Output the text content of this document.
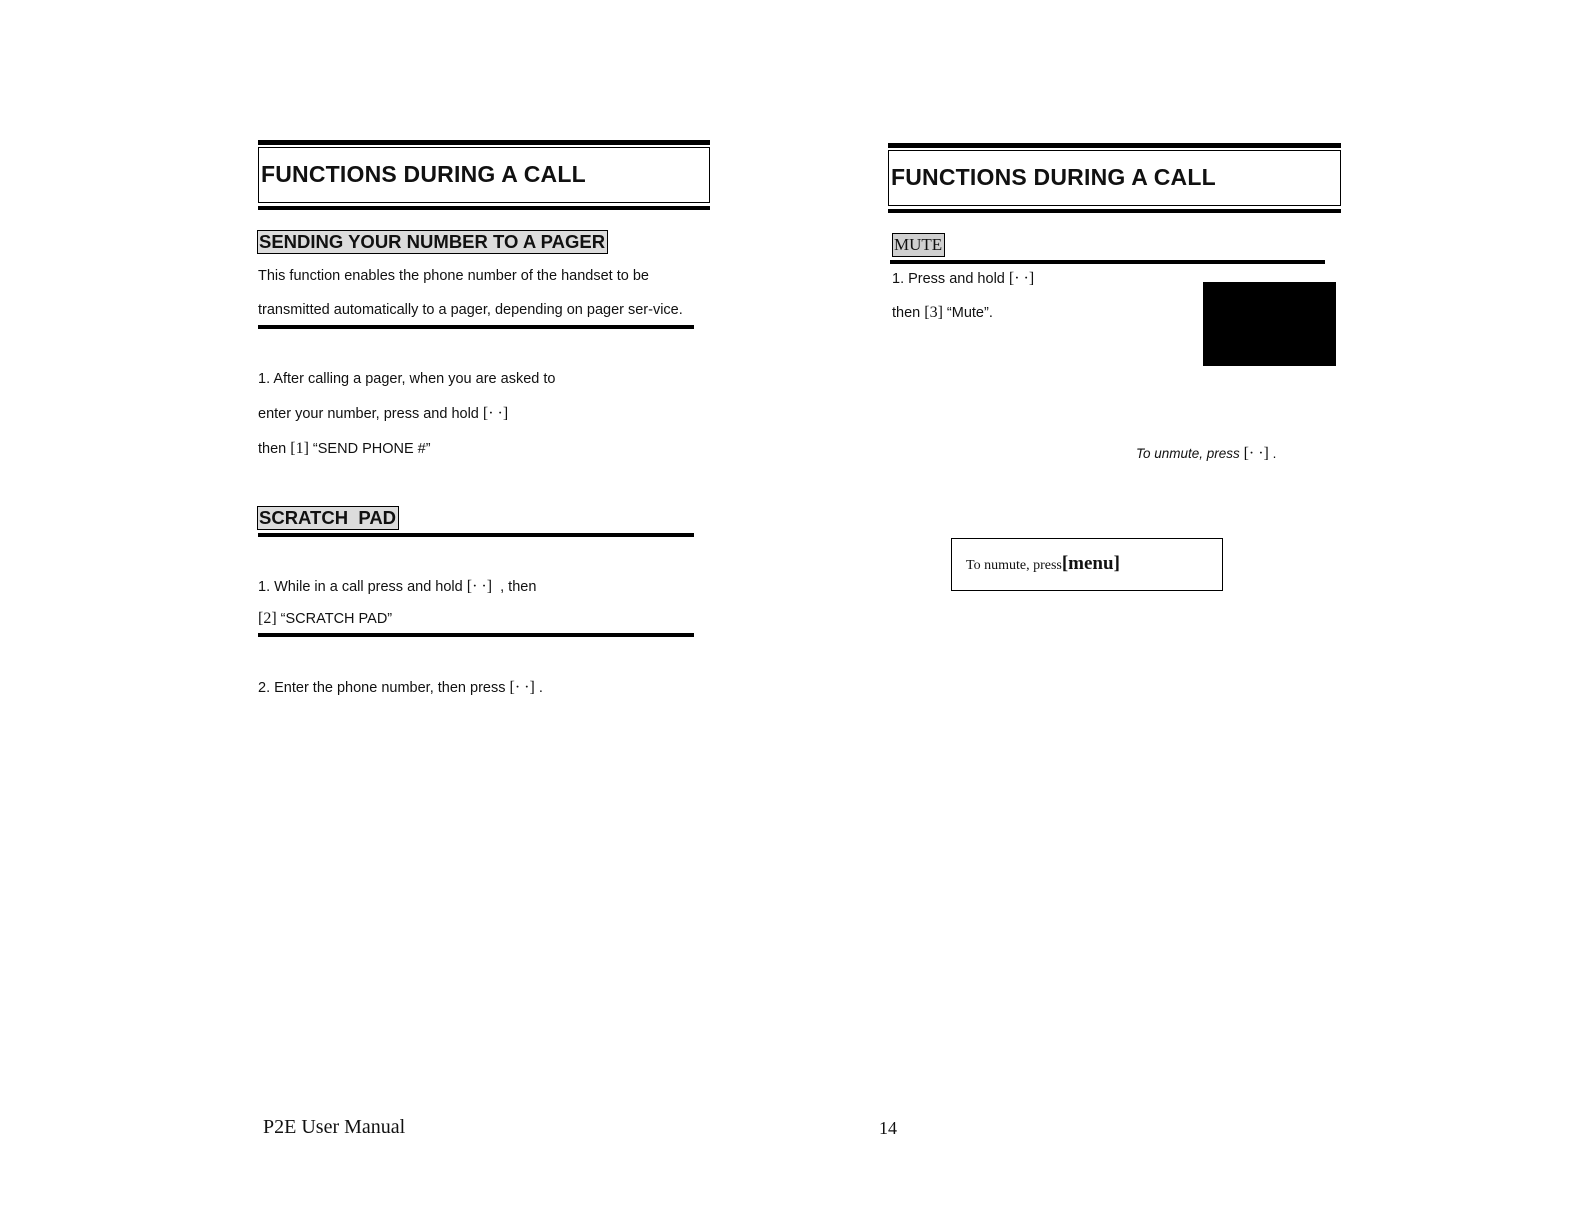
FUNCTIONS DURING A CALL
SENDING YOUR NUMBER TO A PAGER
This function enables the phone number of the handset to be
transmitted automatically to a pager, depending on pager ser-vice.
1. After calling a pager, when you are asked to
enter your number, press and hold [· ·]
then [1] “SEND PHONE #”
SCRATCH  PAD
1. While in a call press and hold [· ·]  , then
[2] “SCRATCH PAD”
2. Enter the phone number, then press [· ·] .
FUNCTIONS DURING A CALL
MUTE
1. Press and hold [· ·]
then [3] “Mute”.
To unmute, press [· ·] .
To numute, press[menu]
P2E User Manual	14
